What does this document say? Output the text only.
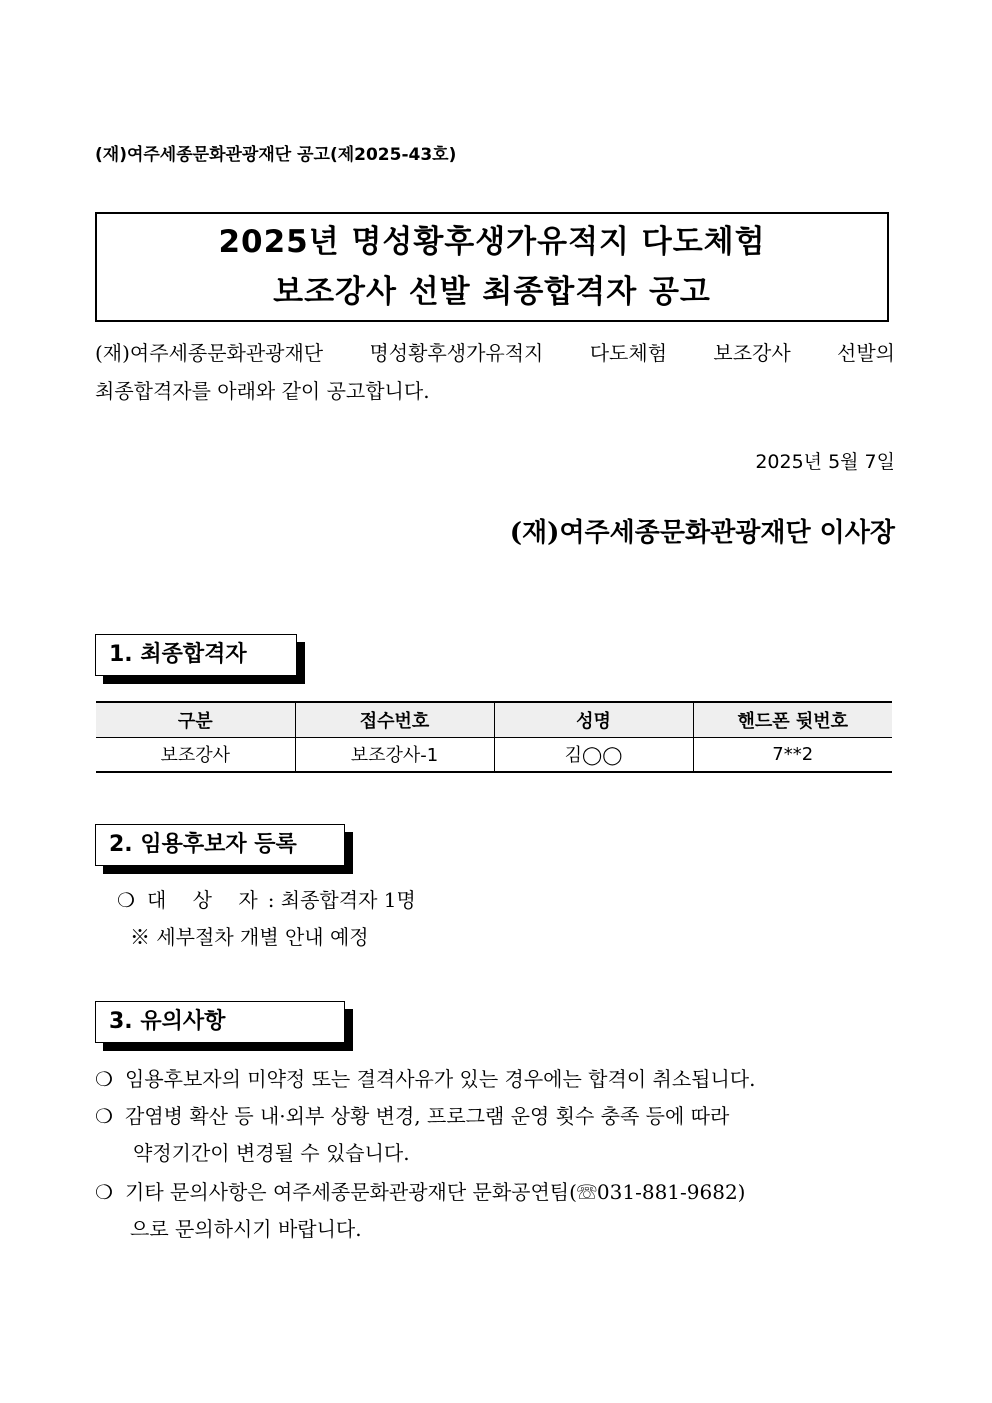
(재)여주세종문화관광재단 공고(제2025-43호)
2025년 명성황후생가유적지 다도체험
보조강사 선발 최종합격자 공고
(재)여주세종문화관광재단 명성황후생가유적지 다도체험 보조강사 선발의
최종합격자를 아래와 같이 공고합니다.
2025년 5월 7일
(재)여주세종문화관광재단 이사장
1. 최종합격자
구분	접수번호	성명	핸드폰 뒷번호
보조강사	보조강사-1	김◯◯	7**2
2. 임용후보자 등록
❍ 대 상 자: 최종합격자 1명
※ 세부절차 개별 안내 예정
3. 유의사항
❍ 임용후보자의 미약정 또는 결격사유가 있는 경우에는 합격이 취소됩니다.
❍ 감염병 확산 등 내·외부 상황 변경, 프로그램 운영 횟수 충족 등에 따라
약정기간이 변경될 수 있습니다.
❍ 기타 문의사항은 여주세종문화관광재단 문화공연팀(☏031-881-9682)
으로 문의하시기 바랍니다.
